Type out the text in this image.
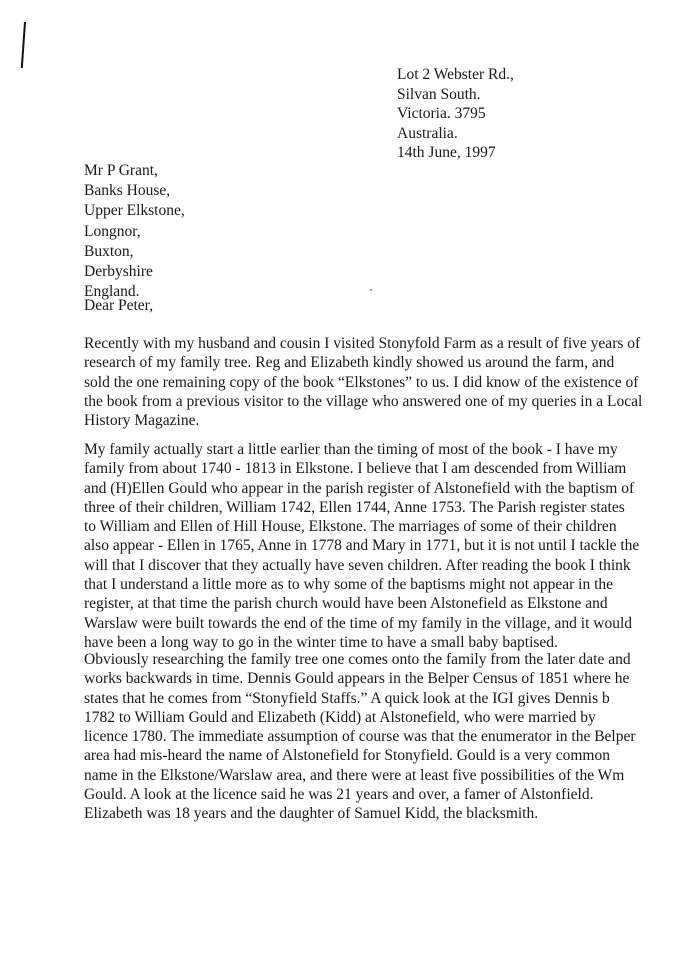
Lot 2 Webster Rd.,
Silvan South.
Victoria. 3795
Australia.
14th June, 1997
Mr P Grant,
Banks House,
Upper Elkstone,
Longnor,
Buxton,
Derbyshire
England.
Dear Peter,
Recently with my husband and cousin I visited Stonyfold Farm as a result of five years of
research of my family tree. Reg and Elizabeth kindly showed us around the farm, and
sold the one remaining copy of the book “Elkstones” to us. I did know of the existence of
the book from a previous visitor to the village who answered one of my queries in a Local
History Magazine.
My family actually start a little earlier than the timing of most of the book - I have my
family from about 1740 - 1813 in Elkstone. I believe that I am descended from William
and (H)Ellen Gould who appear in the parish register of Alstonefield with the baptism of
three of their children, William 1742, Ellen 1744, Anne 1753. The Parish register states
to William and Ellen of Hill House, Elkstone. The marriages of some of their children
also appear - Ellen in 1765, Anne in 1778 and Mary in 1771, but it is not until I tackle the
will that I discover that they actually have seven children. After reading the book I think
that I understand a little more as to why some of the baptisms might not appear in the
register, at that time the parish church would have been Alstonefield as Elkstone and
Warslaw were built towards the end of the time of my family in the village, and it would
have been a long way to go in the winter time to have a small baby baptised.
Obviously researching the family tree one comes onto the family from the later date and
works backwards in time. Dennis Gould appears in the Belper Census of 1851 where he
states that he comes from “Stonyfield Staffs.” A quick look at the IGI gives Dennis b
1782 to William Gould and Elizabeth (Kidd) at Alstonefield, who were married by
licence 1780. The immediate assumption of course was that the enumerator in the Belper
area had mis-heard the name of Alstonefield for Stonyfield. Gould is a very common
name in the Elkstone/Warslaw area, and there were at least five possibilities of the Wm
Gould. A look at the licence said he was 21 years and over, a famer of Alstonfield.
Elizabeth was 18 years and the daughter of Samuel Kidd, the blacksmith.
